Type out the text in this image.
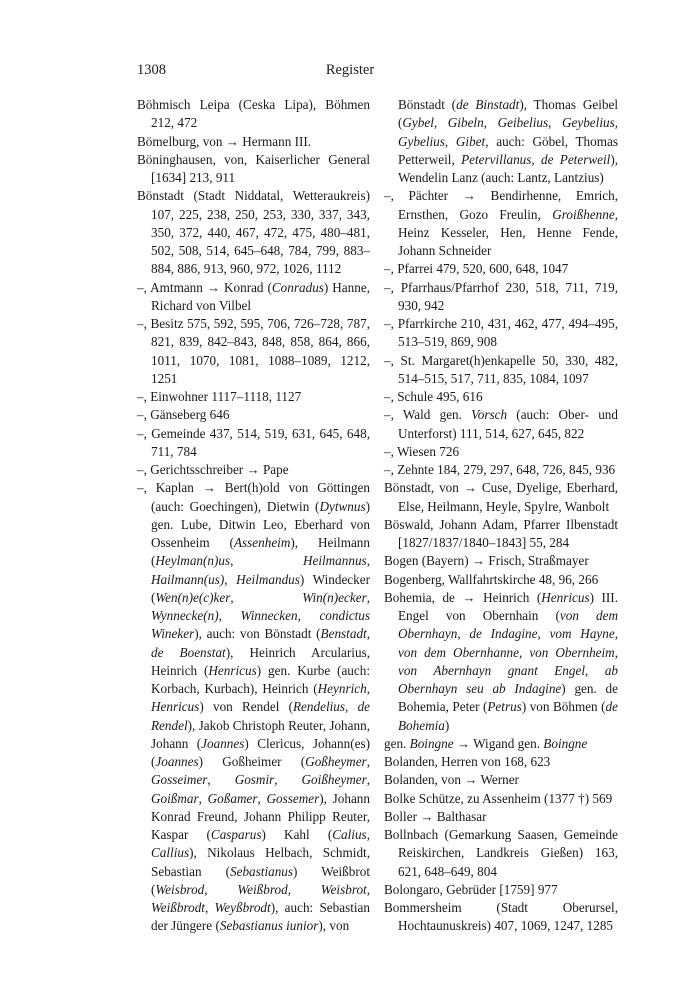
1308	Register

Böhmisch Leipa (Ceska Lipa), Böhmen 212, 472

Bömelburg, von → Hermann III.

Böninghausen, von, Kaiserlicher General [1634] 213, 911

Bönstadt (Stadt Niddatal, Wetteraukreis) 107, 225, 238, 250, 253, 330, 337, 343, 350, 372, 440, 467, 472, 475, 480–481, 502, 508, 514, 645–648, 784, 799, 883–884, 886, 913, 960, 972, 1026, 1112

–, Amtmann → Konrad (Conradus) Hanne, Richard von Vilbel

–, Besitz 575, 592, 595, 706, 726–728, 787, 821, 839, 842–843, 848, 858, 864, 866, 1011, 1070, 1081, 1088–1089, 1212, 1251

–, Einwohner 1117–1118, 1127

–, Gänseberg 646

–, Gemeinde 437, 514, 519, 631, 645, 648, 711, 784

–, Gerichtsschreiber → Pape

–, Kaplan → Bert(h)old von Göttingen (auch: Goechingen), Dietwin (Dytwnus) gen. Lube, Ditwin Leo, Eberhard von Ossenheim (Assenheim), Heilmann (Heylman(n)us, Heilmannus, Hailmann(us), Heilmandus) Windecker (Wen(n)e(c)ker, Win(n)ecker, Wynnecke(n), Winnecken, condictus Wineker), auch: von Bönstadt (Benstadt, de Boenstat), Heinrich Arcularius, Heinrich (Henricus) gen. Kurbe (auch: Korbach, Kurbach), Heinrich (Heynrich, Henricus) von Rendel (Rendelius, de Rendel), Jakob Christoph Reuter, Johann, Johann (Joannes) Clericus, Johann(es) (Joannes) Goßheimer (Goßheymer, Gosseimer, Gosmir, Goißheymer, Goißmar, Goßamer, Gossemer), Johann Konrad Freund, Johann Philipp Reuter, Kaspar (Casparus) Kahl (Calius, Callius), Nikolaus Helbach, Schmidt, Sebastian (Sebastianus) Weißbrot (Weisbrod, Weißbrod, Weisbrot, Weißbrodt, Weyßbrodt), auch: Sebastian der Jüngere (Sebastianus iunior), von

Bönstadt (de Binstadt), Thomas Geibel (Gybel, Gibeln, Geibelius, Geybelius, Gybelius, Gibet, auch: Göbel, Thomas Petterweil, Petervillanus, de Peterweil), Wendelin Lanz (auch: Lantz, Lantzius)

–, Pächter → Bendirhenne, Emrich, Ernsthen, Gozo Freulin, Groißhenne, Heinz Kesseler, Hen, Henne Fende, Johann Schneider

–, Pfarrei 479, 520, 600, 648, 1047

–, Pfarrhaus/Pfarrhof 230, 518, 711, 719, 930, 942

–, Pfarrkirche 210, 431, 462, 477, 494–495, 513–519, 869, 908

–, St. Margaret(h)enkapelle 50, 330, 482, 514–515, 517, 711, 835, 1084, 1097

–, Schule 495, 616

–, Wald gen. Vorsch (auch: Ober- und Unterforst) 111, 514, 627, 645, 822

–, Wiesen 726

–, Zehnte 184, 279, 297, 648, 726, 845, 936

Bönstadt, von → Cuse, Dyelige, Eberhard, Else, Heilmann, Heyle, Spylre, Wanbolt

Böswald, Johann Adam, Pfarrer Ilbenstadt [1827/1837/1840–1843] 55, 284

Bogen (Bayern) → Frisch, Straßmayer

Bogenberg, Wallfahrtskirche 48, 96, 266

Bohemia, de → Heinrich (Henricus) III. Engel von Obernhain (von dem Obernhayn, de Indagine, vom Hayne, von dem Obernhanne, von Obernheim, von Abernhayn gnant Engel, ab Obernhayn seu ab Indagine) gen. de Bohemia, Peter (Petrus) von Böhmen (de Bohemia)

gen. Boingne → Wigand gen. Boingne

Bolanden, Herren von 168, 623

Bolanden, von → Werner

Bolke Schütze, zu Assenheim (1377 †) 569

Boller → Balthasar

Bollnbach (Gemarkung Saasen, Gemeinde Reiskirchen, Landkreis Gießen) 163, 621, 648–649, 804

Bolongaro, Gebrüder [1759] 977

Bommersheim (Stadt Oberursel, Hochtaunuskreis) 407, 1069, 1247, 1285
